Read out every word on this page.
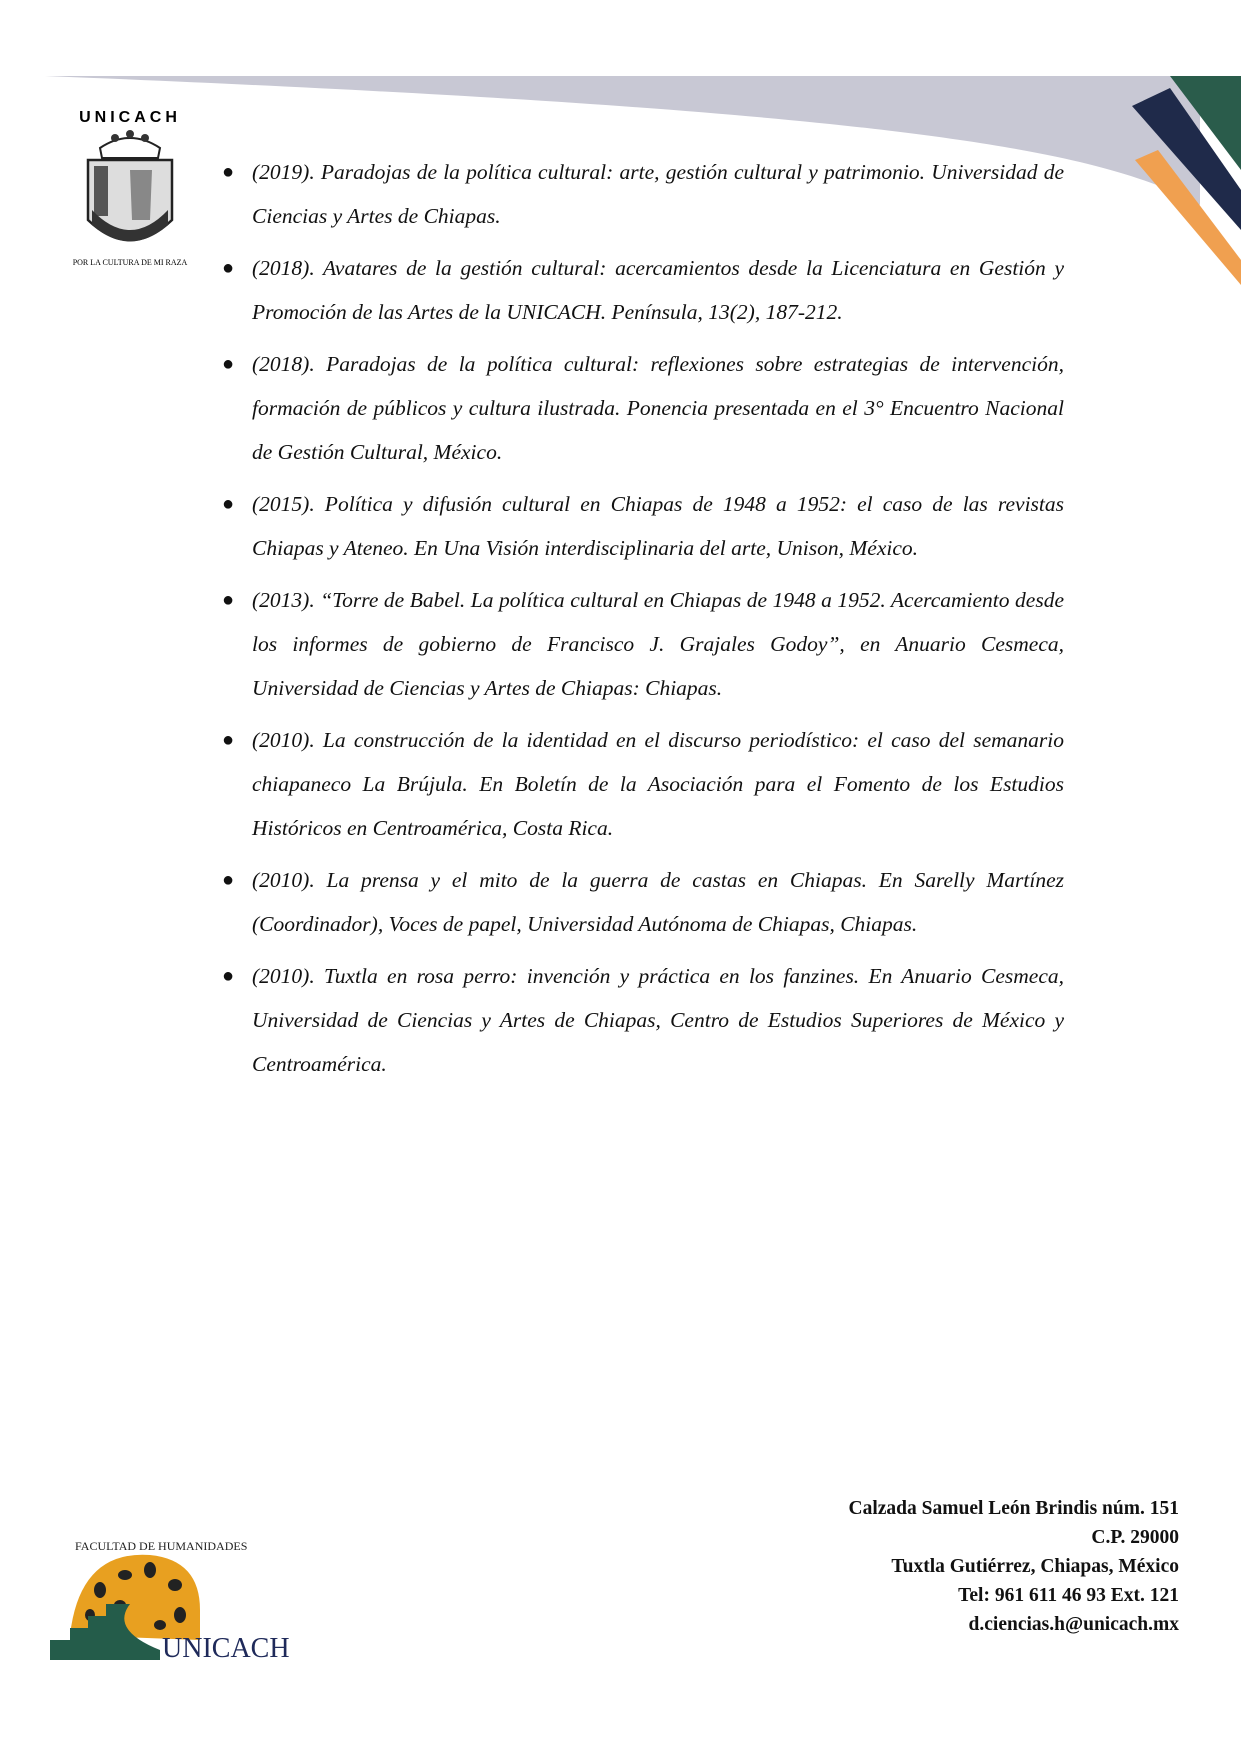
UNICACH
POR LA CULTURA DE MI RAZA
● (2019). Paradojas de la política cultural: arte, gestión cultural y patrimonio. Universidad de Ciencias y Artes de Chiapas.
● (2018). Avatares de la gestión cultural: acercamientos desde la Licenciatura en Gestión y Promoción de las Artes de la UNICACH. Península, 13(2), 187-212.
● (2018). Paradojas de la política cultural: reflexiones sobre estrategias de intervención, formación de públicos y cultura ilustrada. Ponencia presentada en el 3° Encuentro Nacional de Gestión Cultural, México.
● (2015). Política y difusión cultural en Chiapas de 1948 a 1952: el caso de las revistas Chiapas y Ateneo. En Una Visión interdisciplinaria del arte, Unison, México.
● (2013). “Torre de Babel. La política cultural en Chiapas de 1948 a 1952. Acercamiento desde los informes de gobierno de Francisco J. Grajales Godoy”, en Anuario Cesmeca, Universidad de Ciencias y Artes de Chiapas: Chiapas.
● (2010). La construcción de la identidad en el discurso periodístico: el caso del semanario chiapaneco La Brújula. En Boletín de la Asociación para el Fomento de los Estudios Históricos en Centroamérica, Costa Rica.
● (2010). La prensa y el mito de la guerra de castas en Chiapas. En Sarelly Martínez (Coordinador), Voces de papel, Universidad Autónoma de Chiapas, Chiapas.
● (2010). Tuxtla en rosa perro: invención y práctica en los fanzines. En Anuario Cesmeca, Universidad de Ciencias y Artes de Chiapas, Centro de Estudios Superiores de México y Centroamérica.
FACULTAD DE HUMANIDADES
UNICACH
Calzada Samuel León Brindis núm. 151
C.P. 29000
Tuxtla Gutiérrez, Chiapas, México
Tel: 961 611 46 93 Ext. 121
d.ciencias.h@unicach.mx
